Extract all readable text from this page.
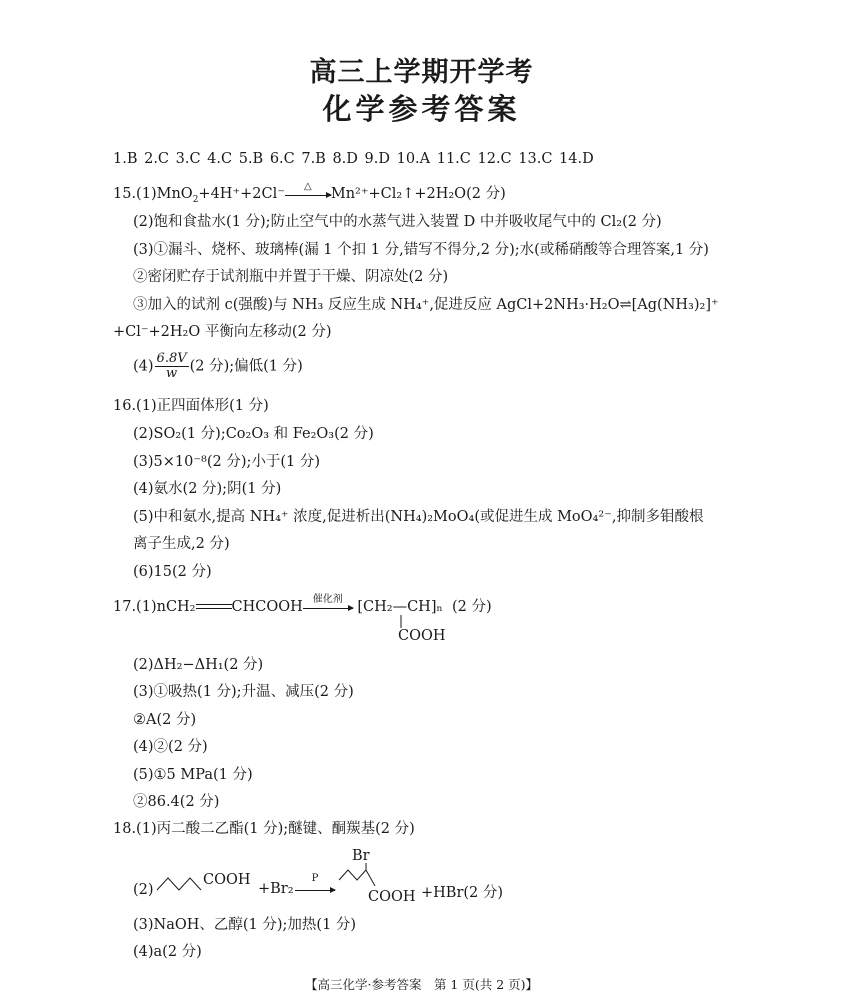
高三上学期开学考
化学参考答案
1.B 2.C 3.C 4.C 5.B 6.C 7.B 8.D 9.D 10.A 11.C 12.C 13.C 14.D
15.(1)MnO$_2$+4H⁺+2Cl⁻	△	Mn²⁺+Cl₂↑+2H₂O(2 分)
(2)饱和食盐水(1 分);防止空气中的水蒸气进入装置 D 中并吸收尾气中的 Cl₂(2 分)
(3)①漏斗、烧杯、玻璃棒(漏 1 个扣 1 分,错写不得分,2 分);水(或稀硝酸等合理答案,1 分)
②密闭贮存于试剂瓶中并置于干燥、阴凉处(2 分)
③加入的试剂 c(强酸)与 NH₃ 反应生成 NH₄⁺,促进反应 AgCl+2NH₃·H₂O⇌[Ag(NH₃)₂]⁺
+Cl⁻+2H₂O 平衡向左移动(2 分)
$(4) \frac{6.8V}{w} (2$ 分);偏低(1 分)
16.(1)正四面体形(1 分)
(2)SO₂(1 分);Co₂O₃ 和 Fe₂O₃(2 分)
(3)5×10⁻⁸(2 分);小于(1 分)
(4)氨水(2 分);阴(1 分)
(5)中和氨水,提高 NH₄⁺ 浓度,促进析出(NH₄)₂MoO₄(或促进生成 MoO₄²⁻,抑制多钼酸根
离子生成,2 分)
(6)15(2 分)
17.(1)nCH₂ CHCOOH	催化剂	[CH₂—CH]ₙ (2 分)
COOH
(2)ΔH₂−ΔH₁(2 分)
(3)①吸热(1 分);升温、减压(2 分)
②A(2 分)
(4)②(2 分)
(5)①5 MPa(1 分)
②86.4(2 分)
18.(1)丙二酸二乙酯(1 分);醚键、酮羰基(2 分)
(2)
COOH
+Br₂
P
Br
COOH +HBr(2 分)
(3)NaOH、乙醇(1 分);加热(1 分)
(4)a(2 分)
【高三化学·参考答案　第 1 页(共 2 页)】
